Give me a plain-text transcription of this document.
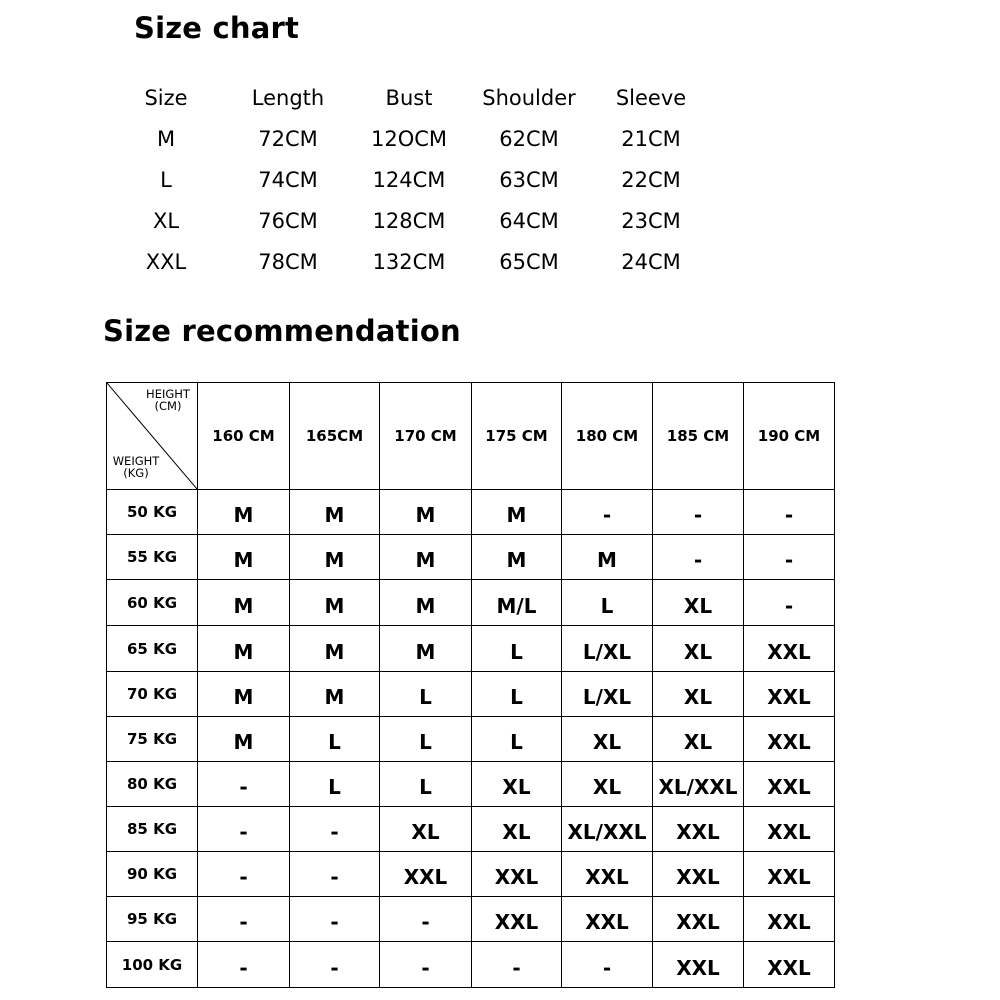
Size chart
Size	Length	Bust	Shoulder	Sleeve
M	72CM	12OCM	62CM	21CM
L	74CM	124CM	63CM	22CM
XL	76CM	128CM	64CM	23CM
XXL	78CM	132CM	65CM	24CM
Size recommendation
HEIGHT
(CM)
WEIGHT
(KG)	160 CM	165CM	170 CM	175 CM	180 CM	185 CM	190 CM
50 KG	M	M	M	M	-	-	-
55 KG	M	M	M	M	M	-	-
60 KG	M	M	M	M/L	L	XL	-
65 KG	M	M	M	L	L/XL	XL	XXL
70 KG	M	M	L	L	L/XL	XL	XXL
75 KG	M	L	L	L	XL	XL	XXL
80 KG	-	L	L	XL	XL	XL/XXL	XXL
85 KG	-	-	XL	XL	XL/XXL	XXL	XXL
90 KG	-	-	XXL	XXL	XXL	XXL	XXL
95 KG	-	-	-	XXL	XXL	XXL	XXL
100 KG	-	-	-	-	-	XXL	XXL
